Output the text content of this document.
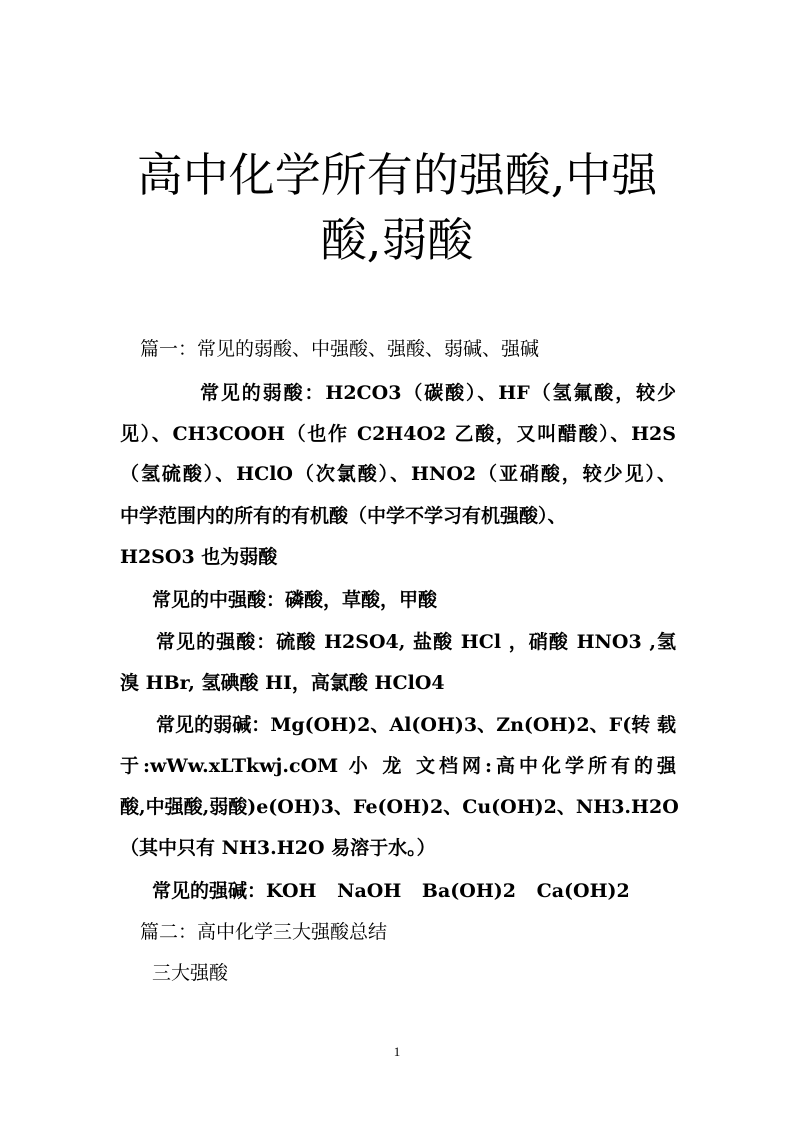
高中化学所有的强酸,中强
酸,弱酸
篇一：常见的弱酸、中强酸、强酸、弱碱、强碱
常见的弱酸：H2CO3（碳酸）、HF（氢氟酸，较少
见）、CH3COOH（也作 C2H4O2 乙酸，又叫醋酸）、H2S
（氢硫酸）、HClO（次氯酸）、HNO2（亚硝酸，较少见）、
中学范围内的所有的有机酸（中学不学习有机强酸）、
H2SO3 也为弱酸
常见的中强酸：磷酸，草酸，甲酸
常见的强酸：硫酸 H2SO4, 盐酸 HCl ，硝酸 HNO3 ,氢
溴 HBr, 氢碘酸 HI，高氯酸 HClO4
常见的弱碱：Mg(OH)2、Al(OH)3、Zn(OH)2、F(转 载
于:wWw.xLTkwj.cOM 小 龙 文档网:高中化学所有的强
酸,中强酸,弱酸)e(OH)3、Fe(OH)2、Cu(OH)2、NH3.H2O
（其中只有 NH3.H2O 易溶于水。）
常见的强碱：KOH NaOH Ba(OH)2 Ca(OH)2
篇二：高中化学三大强酸总结
三大强酸
1
